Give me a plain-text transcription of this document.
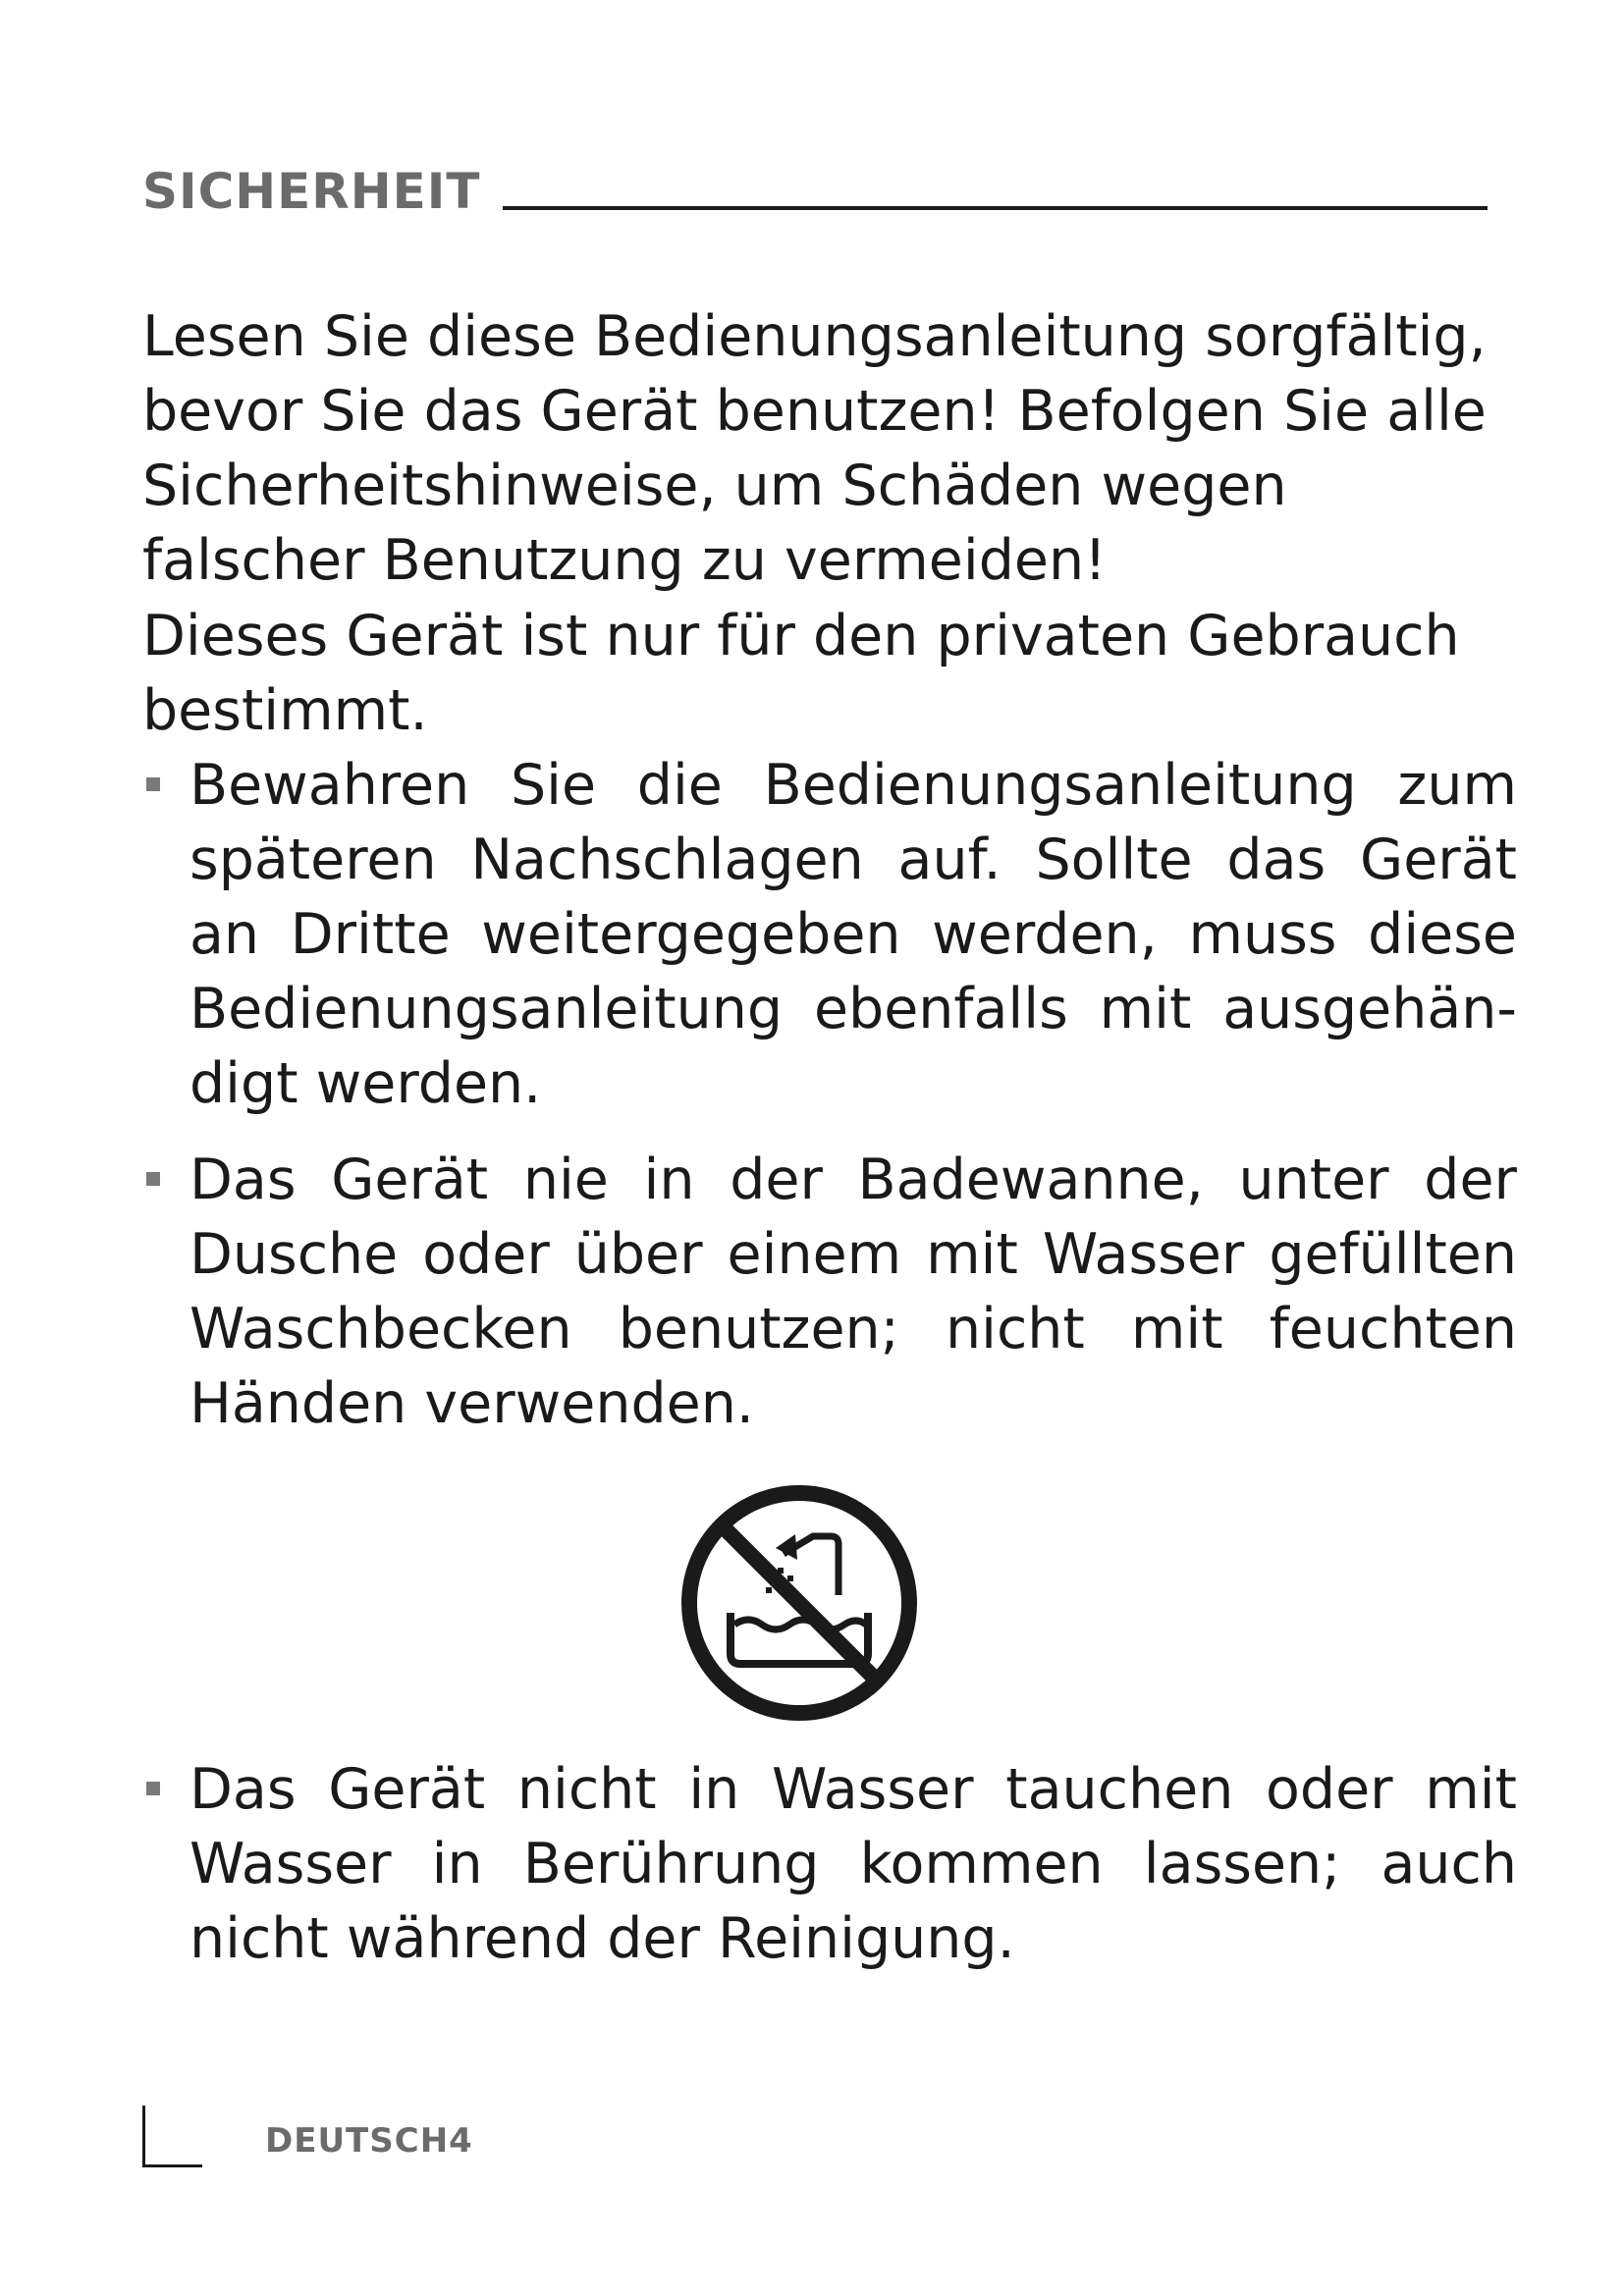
SICHERHEIT
Lesen Sie diese Bedienungsanleitung sorgfältig, bevor Sie das Gerät benutzen! Befolgen Sie alle Sicherheitshinweise, um Schäden wegen falscher Benutzung zu vermeiden!
Dieses Gerät ist nur für den privaten Gebrauch bestimmt.
Bewahren Sie die Bedienungsanleitung zum späteren Nachschlagen auf. Sollte das Gerät an Dritte weitergegeben werden, muss diese Bedienungsanleitung ebenfalls mit ausgehän-digt werden.
Das Gerät nie in der Badewanne, unter der Dusche oder über einem mit Wasser gefüllten Waschbecken benutzen; nicht mit feuchten Händen verwenden.
Das Gerät nicht in Wasser tauchen oder mit Wasser in Berührung kommen lassen; auch nicht während der Reinigung.
DEUTSCH4
